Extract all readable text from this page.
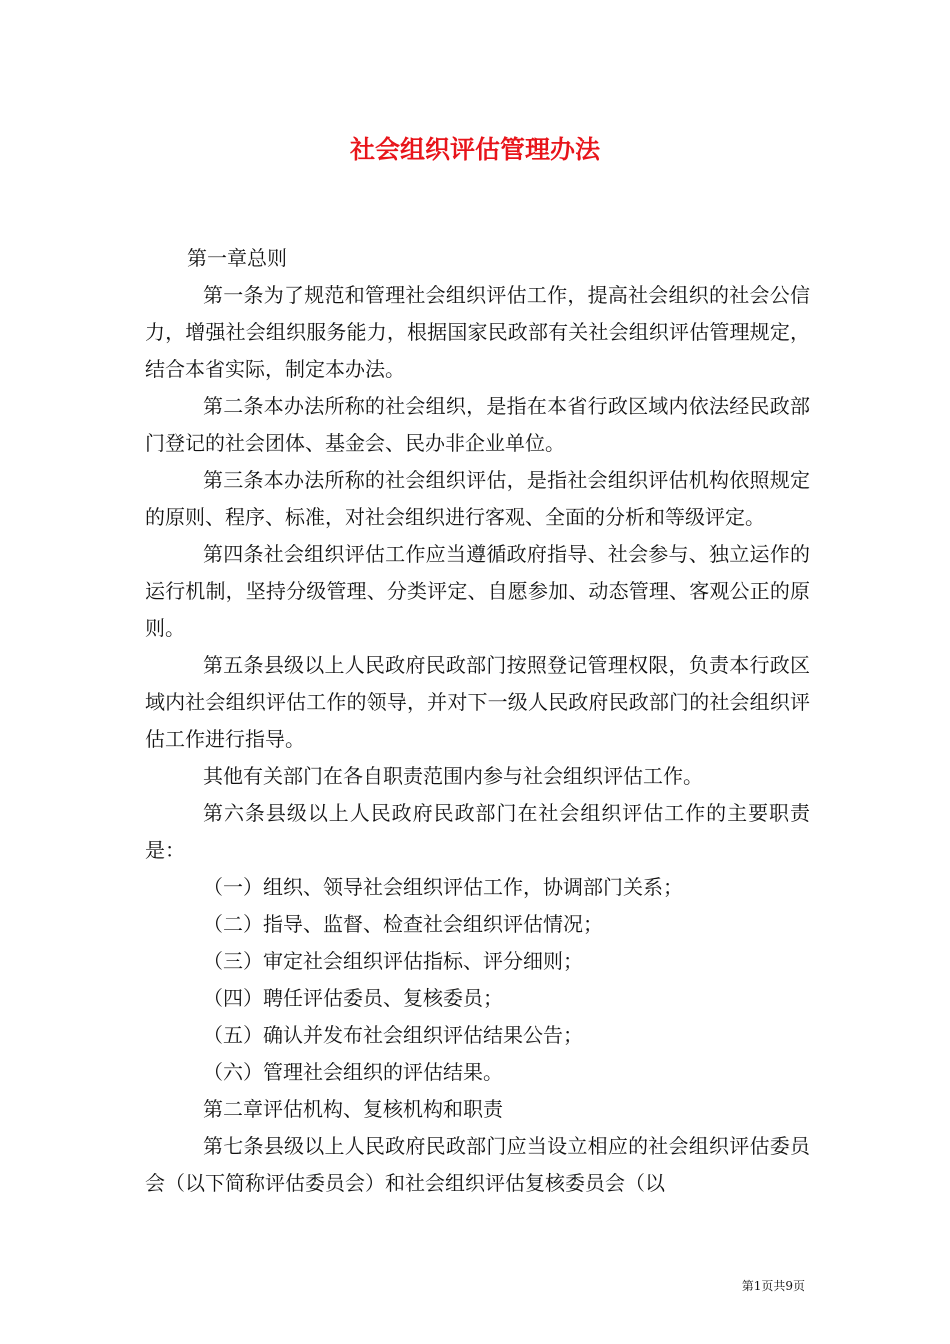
社会组织评估管理办法

第一章总则

第一条为了规范和管理社会组织评估工作，提高社会组织的社会公信力，增强社会组织服务能力，根据国家民政部有关社会组织评估管理规定，结合本省实际，制定本办法。

第二条本办法所称的社会组织，是指在本省行政区域内依法经民政部门登记的社会团体、基金会、民办非企业单位。

第三条本办法所称的社会组织评估，是指社会组织评估机构依照规定的原则、程序、标准，对社会组织进行客观、全面的分析和等级评定。

第四条社会组织评估工作应当遵循政府指导、社会参与、独立运作的运行机制，坚持分级管理、分类评定、自愿参加、动态管理、客观公正的原则。

第五条县级以上人民政府民政部门按照登记管理权限，负责本行政区域内社会组织评估工作的领导，并对下一级人民政府民政部门的社会组织评估工作进行指导。

其他有关部门在各自职责范围内参与社会组织评估工作。

第六条县级以上人民政府民政部门在社会组织评估工作的主要职责是：

（一）组织、领导社会组织评估工作，协调部门关系；

（二）指导、监督、检查社会组织评估情况；

（三）审定社会组织评估指标、评分细则；

（四）聘任评估委员、复核委员；

（五）确认并发布社会组织评估结果公告；

（六）管理社会组织的评估结果。

第二章评估机构、复核机构和职责

第七条县级以上人民政府民政部门应当设立相应的社会组织评估委员会（以下简称评估委员会）和社会组织评估复核委员会（以

第1页共9页
